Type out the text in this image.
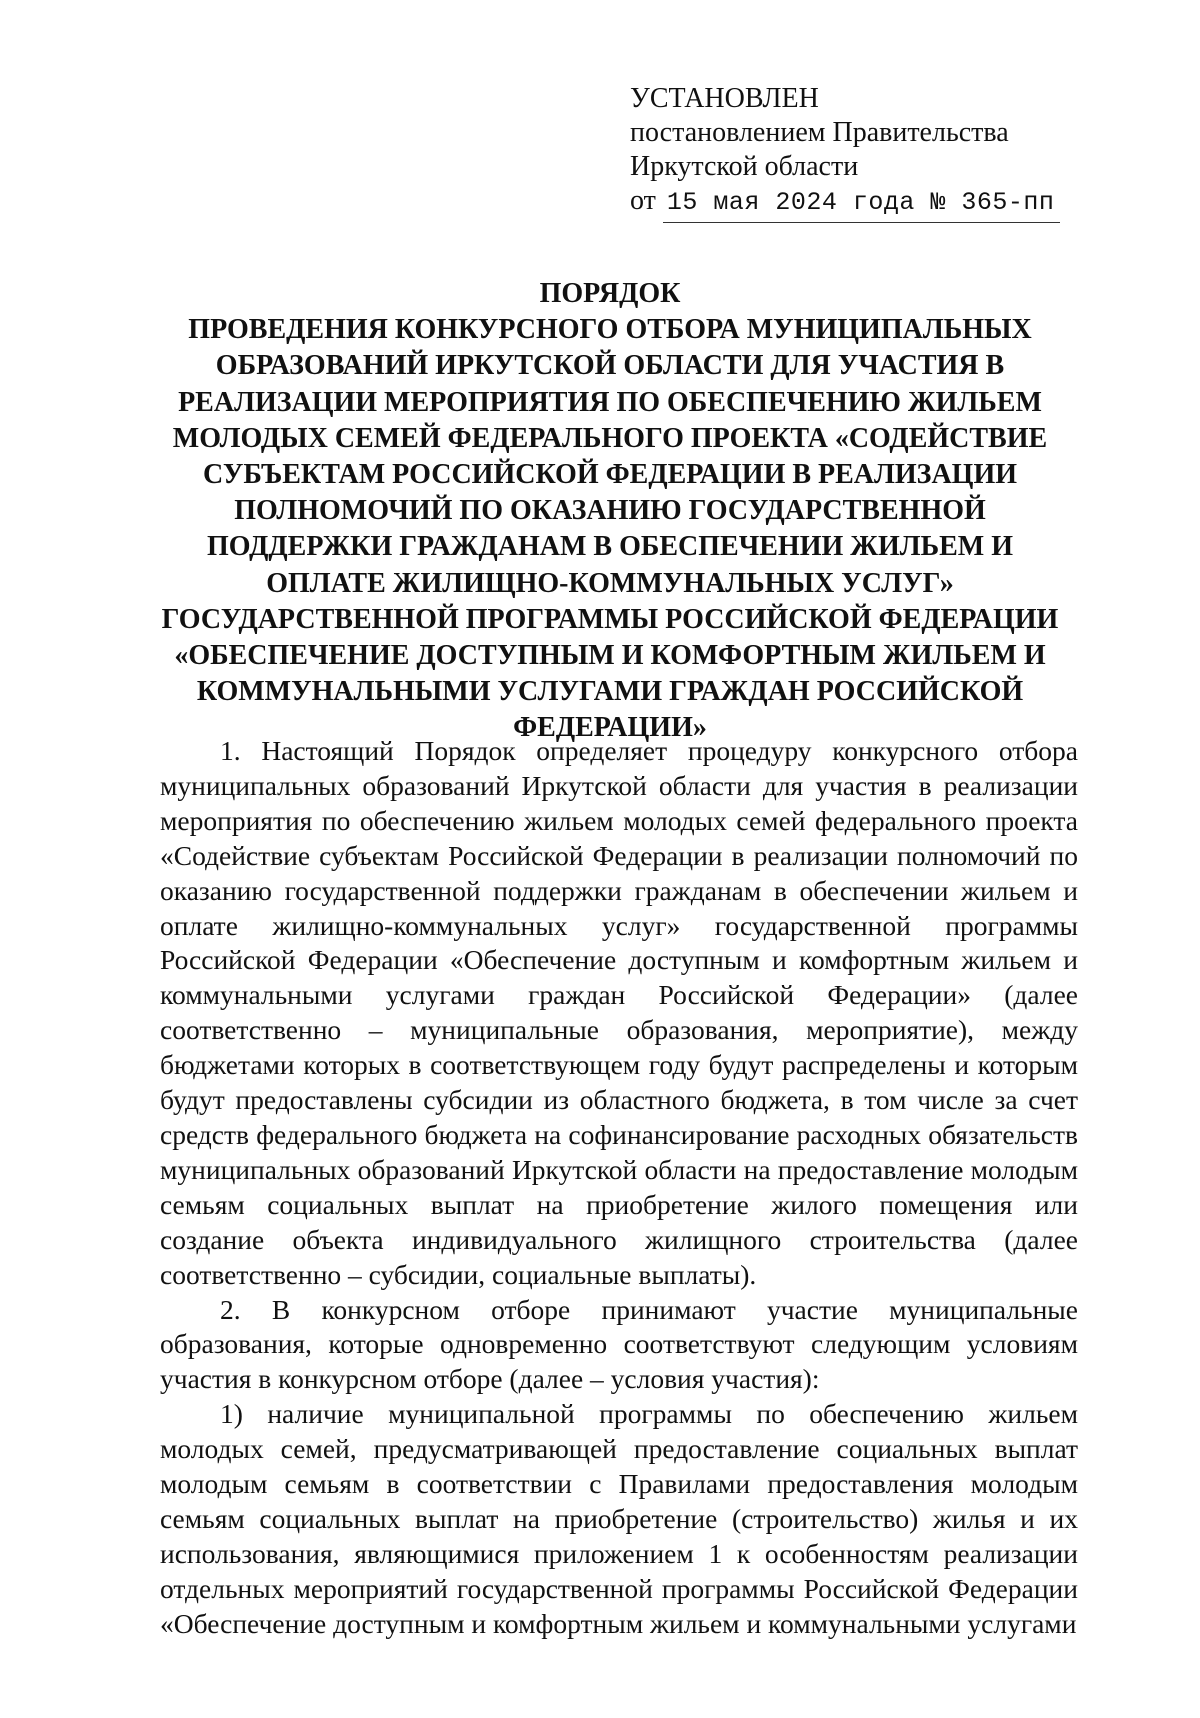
УСТАНОВЛЕН
постановлением Правительства
Иркутской области
от 15 мая 2024 года № 365-пп
ПОРЯДОК
ПРОВЕДЕНИЯ КОНКУРСНОГО ОТБОРА МУНИЦИПАЛЬНЫХ
ОБРАЗОВАНИЙ ИРКУТСКОЙ ОБЛАСТИ ДЛЯ УЧАСТИЯ В
РЕАЛИЗАЦИИ МЕРОПРИЯТИЯ ПО ОБЕСПЕЧЕНИЮ ЖИЛЬЕМ
МОЛОДЫХ СЕМЕЙ ФЕДЕРАЛЬНОГО ПРОЕКТА «СОДЕЙСТВИЕ
СУБЪЕКТАМ РОССИЙСКОЙ ФЕДЕРАЦИИ В РЕАЛИЗАЦИИ
ПОЛНОМОЧИЙ ПО ОКАЗАНИЮ ГОСУДАРСТВЕННОЙ
ПОДДЕРЖКИ ГРАЖДАНАМ В ОБЕСПЕЧЕНИИ ЖИЛЬЕМ И
ОПЛАТЕ ЖИЛИЩНО-КОММУНАЛЬНЫХ УСЛУГ»
ГОСУДАРСТВЕННОЙ ПРОГРАММЫ РОССИЙСКОЙ ФЕДЕРАЦИИ
«ОБЕСПЕЧЕНИЕ ДОСТУПНЫМ И КОМФОРТНЫМ ЖИЛЬЕМ И
КОММУНАЛЬНЫМИ УСЛУГАМИ ГРАЖДАН РОССИЙСКОЙ
ФЕДЕРАЦИИ»

1. Настоящий Порядок определяет процедуру конкурсного отбора муниципальных образований Иркутской области для участия в реализации мероприятия по обеспечению жильем молодых семей федерального проекта «Содействие субъектам Российской Федерации в реализации полномочий по оказанию государственной поддержки гражданам в обеспечении жильем и оплате жилищно-коммунальных услуг» государственной программы Российской Федерации «Обеспечение доступным и комфортным жильем и коммунальными услугами граждан Российской Федерации» (далее соответственно – муниципальные образования, мероприятие), между бюджетами которых в соответствующем году будут распределены и которым будут предоставлены субсидии из областного бюджета, в том числе за счет средств федерального бюджета на софинансирование расходных обязательств муниципальных образований Иркутской области на предоставление молодым семьям социальных выплат на приобретение жилого помещения или создание объекта индивидуального жилищного строительства (далее соответственно – субсидии, социальные выплаты).

2. В конкурсном отборе принимают участие муниципальные образования, которые одновременно соответствуют следующим условиям участия в конкурсном отборе (далее – условия участия):

1) наличие муниципальной программы по обеспечению жильем молодых семей, предусматривающей предоставление социальных выплат молодым семьям в соответствии с Правилами предоставления молодым семьям социальных выплат на приобретение (строительство) жилья и их использования, являющимися приложением 1 к особенностям реализации отдельных мероприятий государственной программы Российской Федерации «Обеспечение доступным и комфортным жильем и коммунальными услугами
